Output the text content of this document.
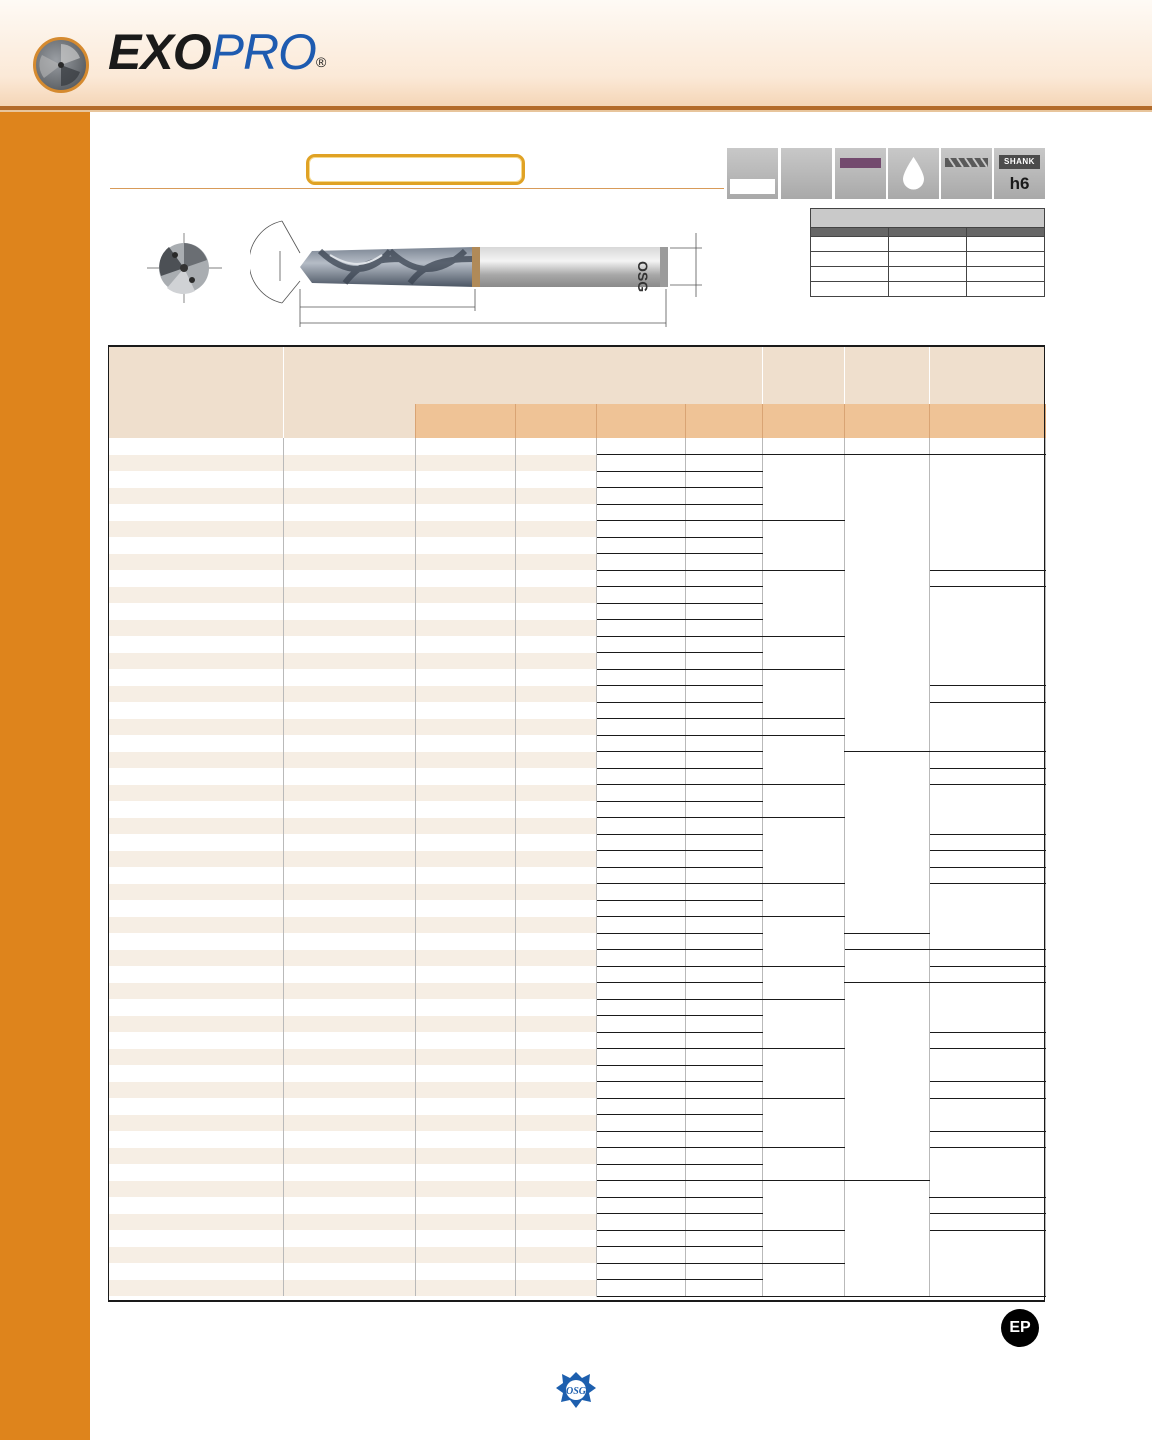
EXOPRO®
SHANK
h6

OSG

EP
OSG
